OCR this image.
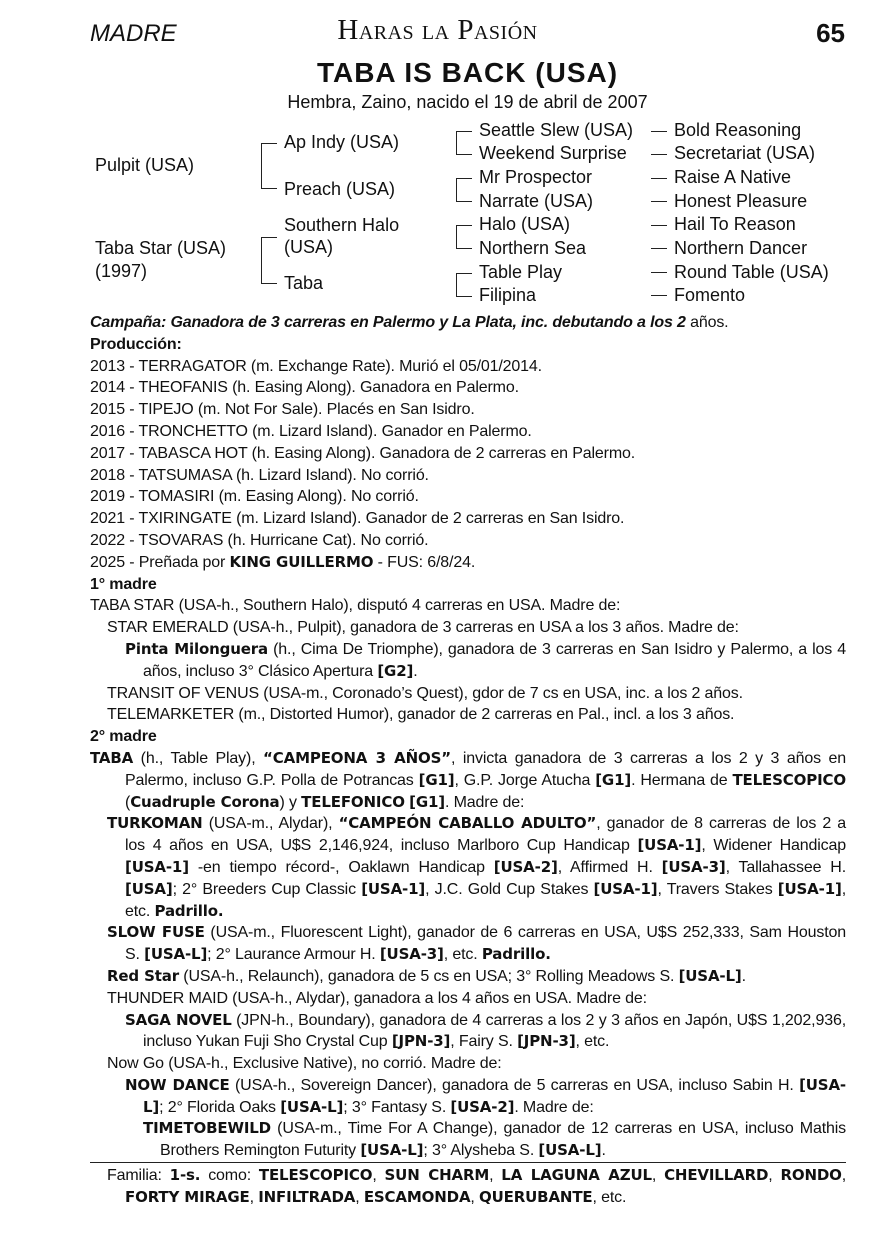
MADRE	Haras la Pasión	65
TABA IS BACK (USA)
Hembra, Zaino, nacido el 19 de abril de 2007
Pulpit (USA)
Taba Star (USA)
(1997)
Ap Indy (USA)
Preach (USA)
Southern Halo
(USA)
Taba
Seattle Slew (USA)
Weekend Surprise
Mr Prospector
Narrate (USA)
Halo (USA)
Northern Sea
Table Play
Filipina
Bold Reasoning
Secretariat (USA)
Raise A Native
Honest Pleasure
Hail To Reason
Northern Dancer
Round Table (USA)
Fomento

Campaña: Ganadora de 3 carreras en Palermo y La Plata, inc. debutando a los 2 años.

Producción:

2013 - TERRAGATOR (m. Exchange Rate). Murió el 05/01/2014.

2014 - THEOFANIS (h. Easing Along). Ganadora en Palermo.

2015 - TIPEJO (m. Not For Sale). Placés en San Isidro.

2016 - TRONCHETTO (m. Lizard Island). Ganador en Palermo.

2017 - TABASCA HOT (h. Easing Along). Ganadora de 2 carreras en Palermo.

2018 - TATSUMASA (h. Lizard Island). No corrió.

2019 - TOMASIRI (m. Easing Along). No corrió.

2021 - TXIRINGATE (m. Lizard Island). Ganador de 2 carreras en San Isidro.

2022 - TSOVARAS (h. Hurricane Cat). No corrió.

2025 - Preñada por KING GUILLERMO - FUS: 6/8/24.

1° madre

TABA STAR (USA-h., Southern Halo), disputó 4 carreras en USA. Madre de:

STAR EMERALD (USA-h., Pulpit), ganadora de 3 carreras en USA a los 3 años. Madre de:

Pinta Milonguera (h., Cima De Triomphe), ganadora de 3 carreras en San Isidro y Palermo, a los 4 años, incluso 3° Clásico Apertura [G2].

TRANSIT OF VENUS (USA-m., Coronado’s Quest), gdor de 7 cs en USA, inc. a los 2 años.

TELEMARKETER (m., Distorted Humor), ganador de 2 carreras en Pal., incl. a los 3 años.

2° madre

TABA (h., Table Play), “CAMPEONA 3 AÑOS”, invicta ganadora de 3 carreras a los 2 y 3 años en Palermo, incluso G.P. Polla de Potrancas [G1], G.P. Jorge Atucha [G1]. Hermana de TELESCOPICO (Cuadruple Corona) y TELEFONICO [G1]. Madre de:

TURKOMAN (USA-m., Alydar), “CAMPEÓN CABALLO ADULTO”, ganador de 8 carreras de los 2 a los 4 años en USA, U$S 2,146,924, incluso Marlboro Cup Handicap [USA-1], Widener Handicap [USA-1] -en tiempo récord-, Oaklawn Handicap [USA-2], Affirmed H. [USA-3], Tallahassee H. [USA]; 2° Breeders Cup Classic [USA-1], J.C. Gold Cup Stakes [USA-1], Travers Stakes [USA-1], etc. Padrillo.

SLOW FUSE (USA-m., Fluorescent Light), ganador de 6 carreras en USA, U$S 252,333, Sam Houston S. [USA-L]; 2° Laurance Armour H. [USA-3], etc. Padrillo.

Red Star (USA-h., Relaunch), ganadora de 5 cs en USA; 3° Rolling Meadows S. [USA-L].

THUNDER MAID (USA-h., Alydar), ganadora a los 4 años en USA. Madre de:

SAGA NOVEL (JPN-h., Boundary), ganadora de 4 carreras a los 2 y 3 años en Japón, U$S 1,202,936, incluso Yukan Fuji Sho Crystal Cup [JPN-3], Fairy S. [JPN-3], etc.

Now Go (USA-h., Exclusive Native), no corrió. Madre de:

NOW DANCE (USA-h., Sovereign Dancer), ganadora de 5 carreras en USA, incluso Sabin H. [USA-L]; 2° Florida Oaks [USA-L]; 3° Fantasy S. [USA-2]. Madre de:

TIMETOBEWILD (USA-m., Time For A Change), ganador de 12 carreras en USA, incluso Mathis Brothers Remington Futurity [USA-L]; 3° Alysheba S. [USA-L].

Familia: 1-s. como: TELESCOPICO, SUN CHARM, LA LAGUNA AZUL, CHEVILLARD, RONDO, FORTY MIRAGE, INFILTRADA, ESCAMONDA, QUERUBANTE, etc.
